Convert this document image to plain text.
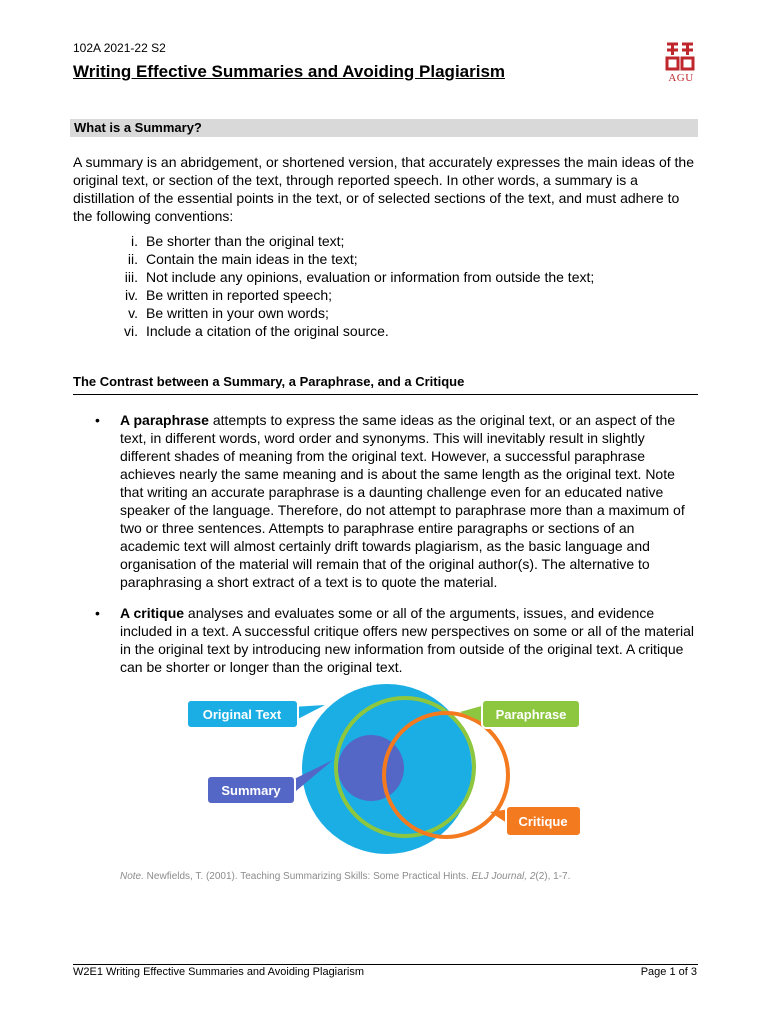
102A 2021-22 S2
Writing Effective Summaries and Avoiding Plagiarism	AGU
What is a Summary?
A summary is an abridgement, or shortened version, that accurately expresses the main ideas of the original text, or section of the text, through reported speech. In other words, a summary is a distillation of the essential points in the text, or of selected sections of the text, and must adhere to the following conventions:
i. Be shorter than the original text;
ii. Contain the main ideas in the text;
iii. Not include any opinions, evaluation or information from outside the text;
iv. Be written in reported speech;
v. Be written in your own words;
vi. Include a citation of the original source.
The Contrast between a Summary, a Paraphrase, and a Critique
• A paraphrase attempts to express the same ideas as the original text, or an aspect of the text, in different words, word order and synonyms. This will inevitably result in slightly different shades of meaning from the original text. However, a successful paraphrase achieves nearly the same meaning and is about the same length as the original text. Note that writing an accurate paraphrase is a daunting challenge even for an educated native speaker of the language. Therefore, do not attempt to paraphrase more than a maximum of two or three sentences. Attempts to paraphrase entire paragraphs or sections of an academic text will almost certainly drift towards plagiarism, as the basic language and organisation of the material will remain that of the original author(s). The alternative to paraphrasing a short extract of a text is to quote the material.
• A critique analyses and evaluates some or all of the arguments, issues, and evidence included in a text. A successful critique offers new perspectives on some or all of the material in the original text by introducing new information from outside of the original text. A critique can be shorter or longer than the original text.
Original Text	Paraphrase
Summary
Critique
Note. Newfields, T. (2001). Teaching Summarizing Skills: Some Practical Hints. ELJ Journal, 2(2), 1-7.
W2E1 Writing Effective Summaries and Avoiding Plagiarism	Page 1 of 3
